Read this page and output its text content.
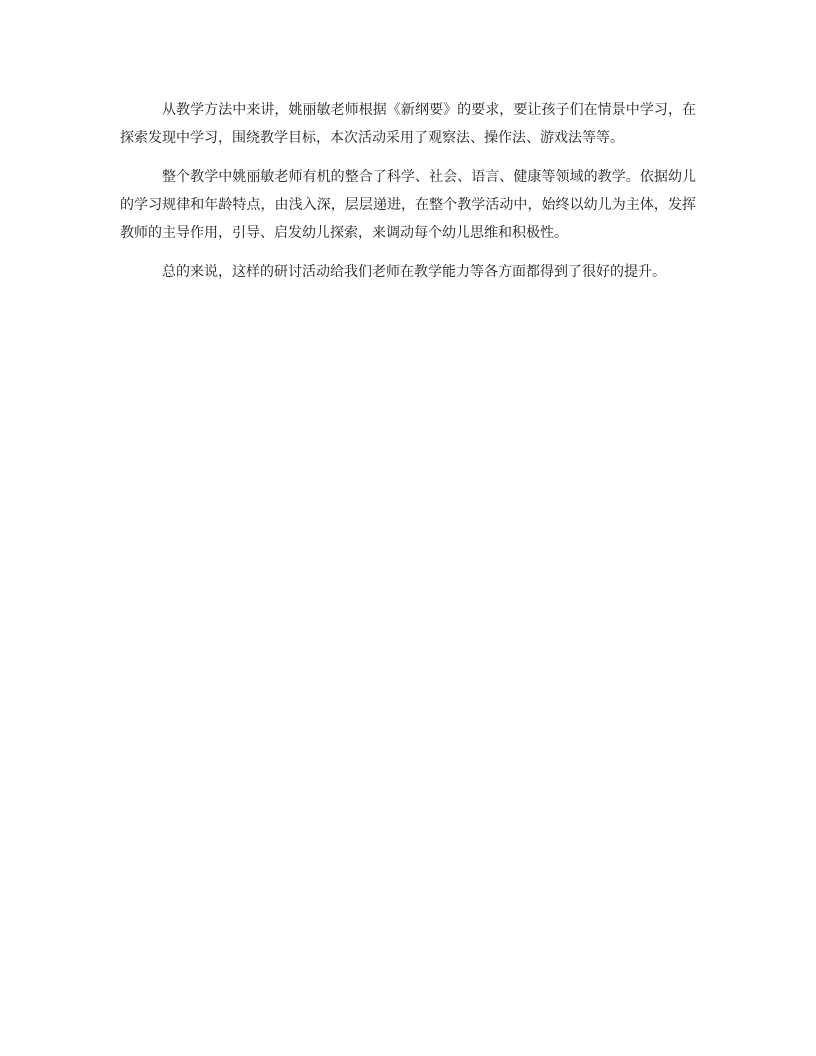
从教学方法中来讲，姚丽敏老师根据《新纲要》的要求，要让孩子们在情景中学习，在探索发现中学习，围绕教学目标，本次活动采用了观察法、操作法、游戏法等等。

整个教学中姚丽敏老师有机的整合了科学、社会、语言、健康等领域的教学。依据幼儿的学习规律和年龄特点，由浅入深，层层递进，在整个教学活动中，始终以幼儿为主体，发挥教师的主导作用，引导、启发幼儿探索，来调动每个幼儿思维和积极性。

总的来说，这样的研讨活动给我们老师在教学能力等各方面都得到了很好的提升。
